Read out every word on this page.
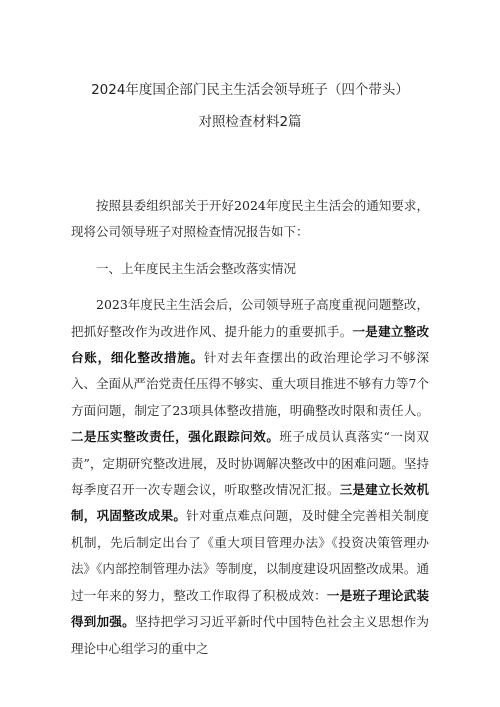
2024年度国企部门民主生活会领导班子（四个带头）
对照检查材料2篇

按照县委组织部关于开好2024年度民主生活会的通知要求，现将公司领导班子对照检查情况报告如下：

一、上年度民主生活会整改落实情况

2023年度民主生活会后，公司领导班子高度重视问题整改，把抓好整改作为改进作风、提升能力的重要抓手。一是建立整改台账，细化整改措施。针对去年查摆出的政治理论学习不够深入、全面从严治党责任压得不够实、重大项目推进不够有力等7个方面问题，制定了23项具体整改措施，明确整改时限和责任人。二是压实整改责任，强化跟踪问效。班子成员认真落实“一岗双责”，定期研究整改进展，及时协调解决整改中的困难问题。坚持每季度召开一次专题会议，听取整改情况汇报。三是建立长效机制，巩固整改成果。针对重点难点问题，及时健全完善相关制度机制，先后制定出台了《重大项目管理办法》《投资决策管理办法》《内部控制管理办法》等制度，以制度建设巩固整改成果。通过一年来的努力，整改工作取得了积极成效：一是班子理论武装得到加强。坚持把学习习近平新时代中国特色社会主义思想作为理论中心组学习的重中之
